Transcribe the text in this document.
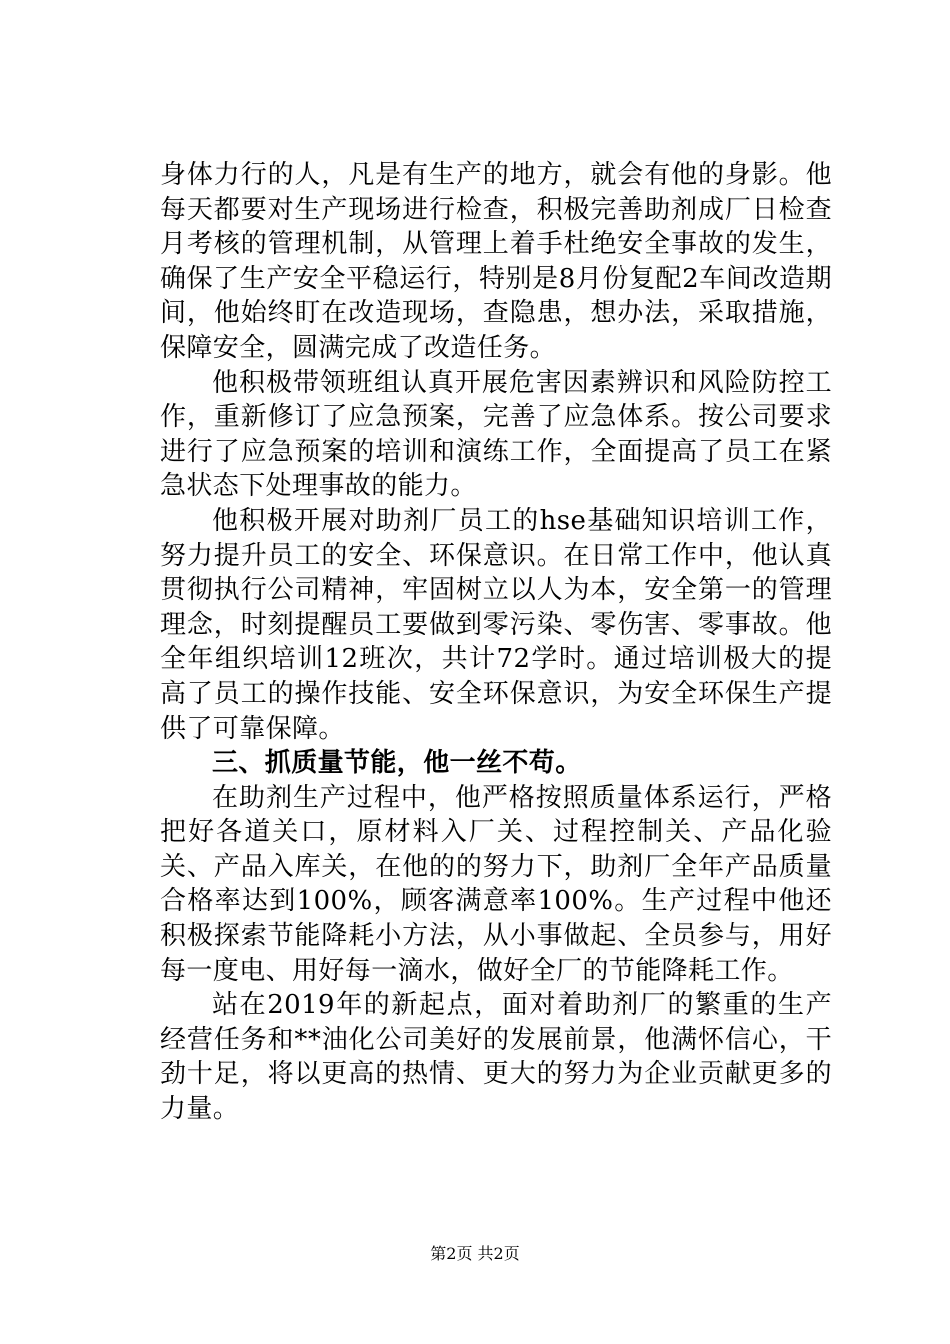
身体力行的人，凡是有生产的地方，就会有他的身影。他每天都要对生产现场进行检查，积极完善助剂成厂日检查月考核的管理机制，从管理上着手杜绝安全事故的发生，确保了生产安全平稳运行，特别是8月份复配2车间改造期间，他始终盯在改造现场，查隐患，想办法，采取措施，保障安全，圆满完成了改造任务。

他积极带领班组认真开展危害因素辨识和风险防控工作，重新修订了应急预案，完善了应急体系。按公司要求进行了应急预案的培训和演练工作，全面提高了员工在紧急状态下处理事故的能力。

他积极开展对助剂厂员工的hse基础知识培训工作，努力提升员工的安全、环保意识。在日常工作中，他认真贯彻执行公司精神，牢固树立以人为本，安全第一的管理理念，时刻提醒员工要做到零污染、零伤害、零事故。他全年组织培训12班次，共计72学时。通过培训极大的提高了员工的操作技能、安全环保意识，为安全环保生产提供了可靠保障。

三、抓质量节能，他一丝不苟。

在助剂生产过程中，他严格按照质量体系运行，严格把好各道关口，原材料入厂关、过程控制关、产品化验关、产品入库关，在他的的努力下，助剂厂全年产品质量合格率达到100%，顾客满意率100%。生产过程中他还积极探索节能降耗小方法，从小事做起、全员参与，用好每一度电、用好每一滴水，做好全厂的节能降耗工作。

站在2019年的新起点，面对着助剂厂的繁重的生产经营任务和**油化公司美好的发展前景，他满怀信心，干劲十足，将以更高的热情、更大的努力为企业贡献更多的力量。

第2页 共2页
